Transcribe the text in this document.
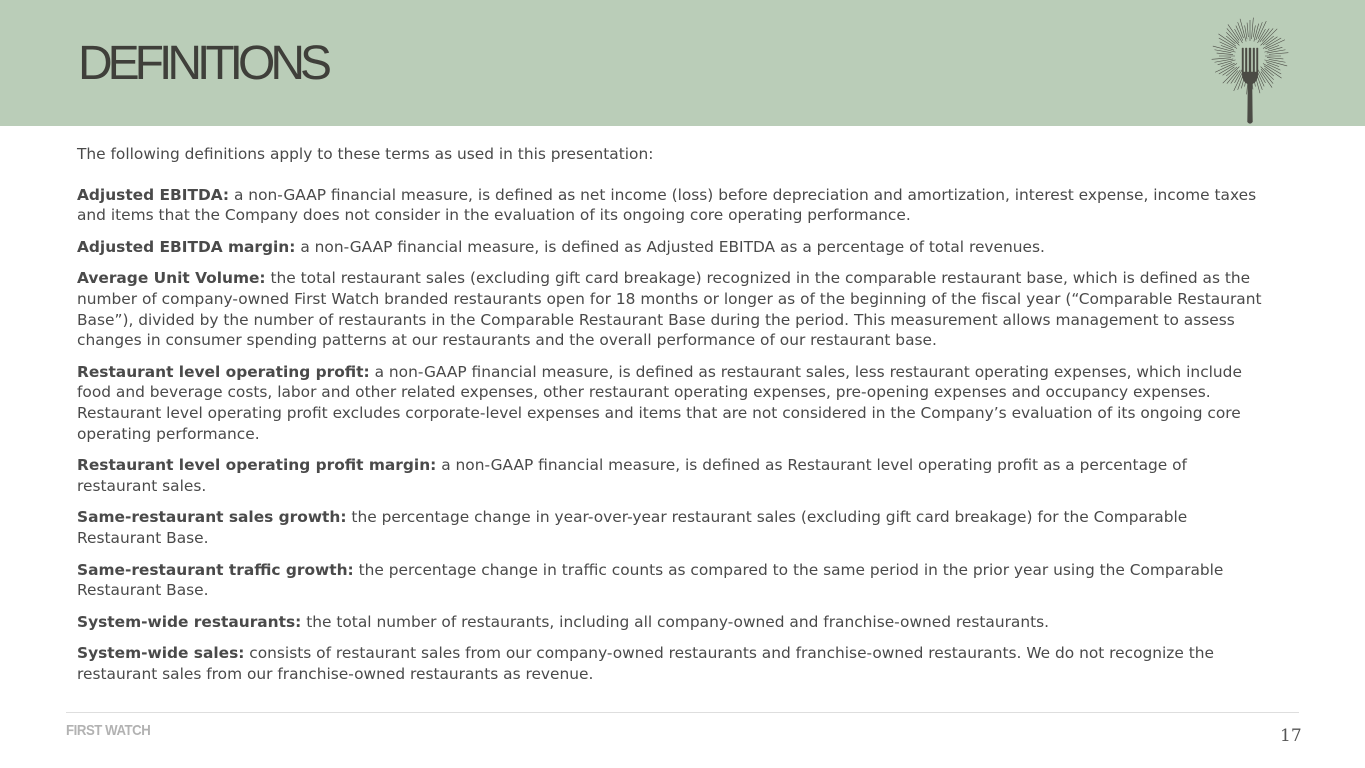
DEFINITIONS

The following definitions apply to these terms as used in this presentation:

Adjusted EBITDA: a non-GAAP financial measure, is defined as net income (loss) before depreciation and amortization, interest expense, income taxes and items that the Company does not consider in the evaluation of its ongoing core operating performance.

Adjusted EBITDA margin: a non-GAAP financial measure, is defined as Adjusted EBITDA as a percentage of total revenues.

Average Unit Volume: the total restaurant sales (excluding gift card breakage) recognized in the comparable restaurant base, which is defined as the number of company-owned First Watch branded restaurants open for 18 months or longer as of the beginning of the fiscal year (“Comparable Restaurant Base”), divided by the number of restaurants in the Comparable Restaurant Base during the period. This measurement allows management to assess changes in consumer spending patterns at our restaurants and the overall performance of our restaurant base.

Restaurant level operating profit: a non-GAAP financial measure, is defined as restaurant sales, less restaurant operating expenses, which include food and beverage costs, labor and other related expenses, other restaurant operating expenses, pre-opening expenses and occupancy expenses. Restaurant level operating profit excludes corporate-level expenses and items that are not considered in the Company’s evaluation of its ongoing core operating performance.

Restaurant level operating profit margin: a non-GAAP financial measure, is defined as Restaurant level operating profit as a percentage of restaurant sales.

Same-restaurant sales growth: the percentage change in year-over-year restaurant sales (excluding gift card breakage) for the Comparable Restaurant Base.

Same-restaurant traffic growth: the percentage change in traffic counts as compared to the same period in the prior year using the Comparable Restaurant Base.

System-wide restaurants: the total number of restaurants, including all company-owned and franchise-owned restaurants.

System-wide sales: consists of restaurant sales from our company-owned restaurants and franchise-owned restaurants. We do not recognize the restaurant sales from our franchise-owned restaurants as revenue.

FIRST WATCH	17
